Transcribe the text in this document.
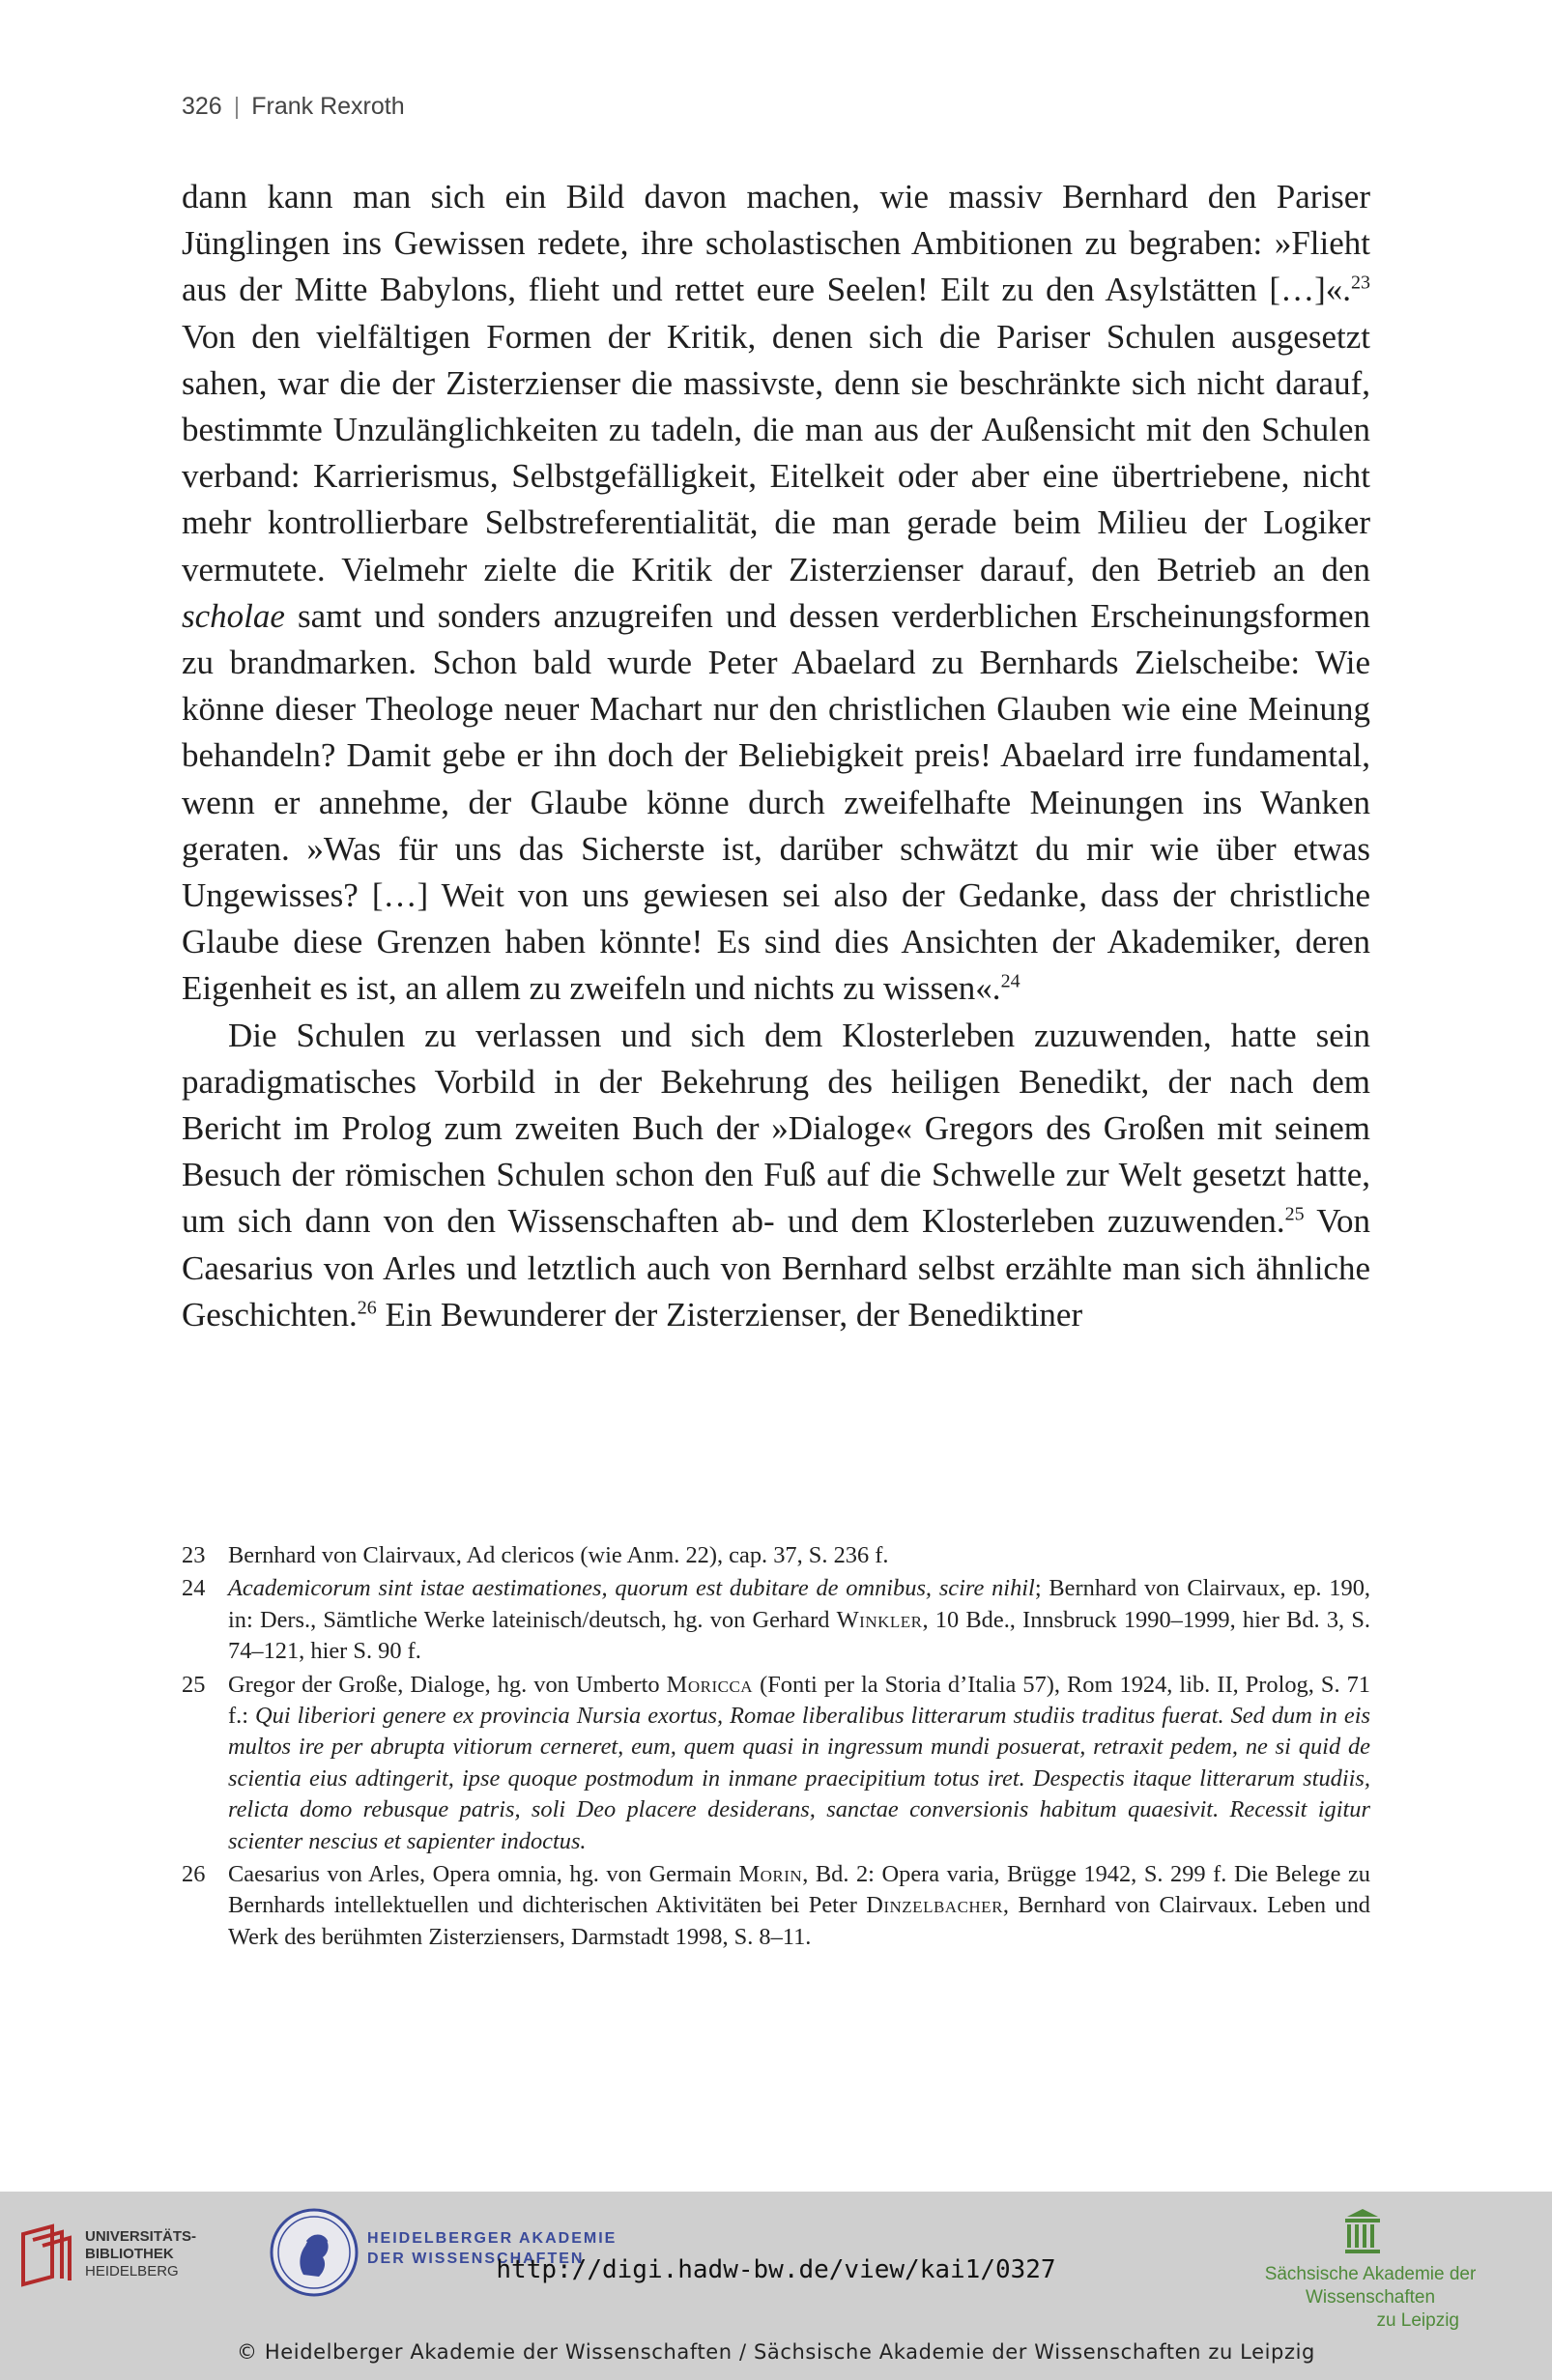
326 | Frank Rexroth

dann kann man sich ein Bild davon machen, wie massiv Bernhard den Pariser Jünglingen ins Gewissen redete, ihre scholastischen Ambitionen zu begraben: »Flieht aus der Mitte Babylons, flieht und rettet eure Seelen! Eilt zu den Asylstätten […]«.$^{23}$ Von den vielfältigen Formen der Kritik, denen sich die Pariser Schulen ausgesetzt sahen, war die der Zisterzienser die massivste, denn sie beschränkte sich nicht darauf, bestimmte Unzulänglichkeiten zu tadeln, die man aus der Außensicht mit den Schulen verband: Karrierismus, Selbstgefälligkeit, Eitelkeit oder aber eine übertriebene, nicht mehr kontrollierbare Selbstreferentialität, die man gerade beim Milieu der Logiker vermutete. Vielmehr zielte die Kritik der Zisterzienser darauf, den Betrieb an den scholae samt und sonders anzugreifen und dessen verderblichen Erscheinungsformen zu brandmarken. Schon bald wurde Peter Abaelard zu Bernhards Zielscheibe: Wie könne dieser Theologe neuer Machart nur den christlichen Glauben wie eine Meinung behandeln? Damit gebe er ihn doch der Beliebigkeit preis! Abaelard irre fundamental, wenn er annehme, der Glaube könne durch zweifelhafte Meinungen ins Wanken geraten. »Was für uns das Sicherste ist, darüber schwätzt du mir wie über etwas Ungewisses? […] Weit von uns gewiesen sei also der Gedanke, dass der christliche Glaube diese Grenzen haben könnte! Es sind dies Ansichten der Akademiker, deren Eigenheit es ist, an allem zu zweifeln und nichts zu wissen«.$^{24}$

Die Schulen zu verlassen und sich dem Klosterleben zuzuwenden, hatte sein paradigmatisches Vorbild in der Bekehrung des heiligen Benedikt, der nach dem Bericht im Prolog zum zweiten Buch der »Dialoge« Gregors des Großen mit seinem Besuch der römischen Schulen schon den Fuß auf die Schwelle zur Welt gesetzt hatte, um sich dann von den Wissenschaften ab- und dem Klosterleben zuzuwenden.$^{25}$ Von Caesarius von Arles und letztlich auch von Bernhard selbst erzählte man sich ähnliche Geschichten.$^{26}$ Ein Bewunderer der Zisterzienser, der Benediktiner

23 Bernhard von Clairvaux, Ad clericos (wie Anm. 22), cap. 37, S. 236 f.
24 Academicorum sint istae aestimationes, quorum est dubitare de omnibus, scire nihil; Bernhard von Clairvaux, ep. 190, in: Ders., Sämtliche Werke lateinisch/deutsch, hg. von Gerhard Winkler, 10 Bde., Innsbruck 1990–1999, hier Bd. 3, S. 74–121, hier S. 90 f.
25 Gregor der Große, Dialoge, hg. von Umberto Moricca (Fonti per la Storia d’Italia 57), Rom 1924, lib. II, Prolog, S. 71 f.: Qui liberiori genere ex provincia Nursia exortus, Romae liberalibus litterarum studiis traditus fuerat. Sed dum in eis multos ire per abrupta vitiorum cerneret, eum, quem quasi in ingressum mundi posuerat, retraxit pedem, ne si quid de scientia eius adtingerit, ipse quoque postmodum in inmane praecipitium totus iret. Despectis itaque litterarum studiis, relicta domo rebusque patris, soli Deo placere desiderans, sanctae conversionis habitum quaesivit. Recessit igitur scienter nescius et sapienter indoctus.
26 Caesarius von Arles, Opera omnia, hg. von Germain Morin, Bd. 2: Opera varia, Brügge 1942, S. 299 f. Die Belege zu Bernhards intellektuellen und dichterischen Aktivitäten bei Peter Dinzelbacher, Bernhard von Clairvaux. Leben und Werk des berühmten Zisterziensers, Darmstadt 1998, S. 8–11.
UNIVERSITÄTS-
BIBLIOTHEK
HEIDELBERG
HEIDELBERGER AKADEMIE
DER WISSENSCHAFTEN
Sächsische Akademie der Wissenschaften
zu Leipzig
http://digi.hadw-bw.de/view/kai1/0327
© Heidelberger Akademie der Wissenschaften / Sächsische Akademie der Wissenschaften zu Leipzig
